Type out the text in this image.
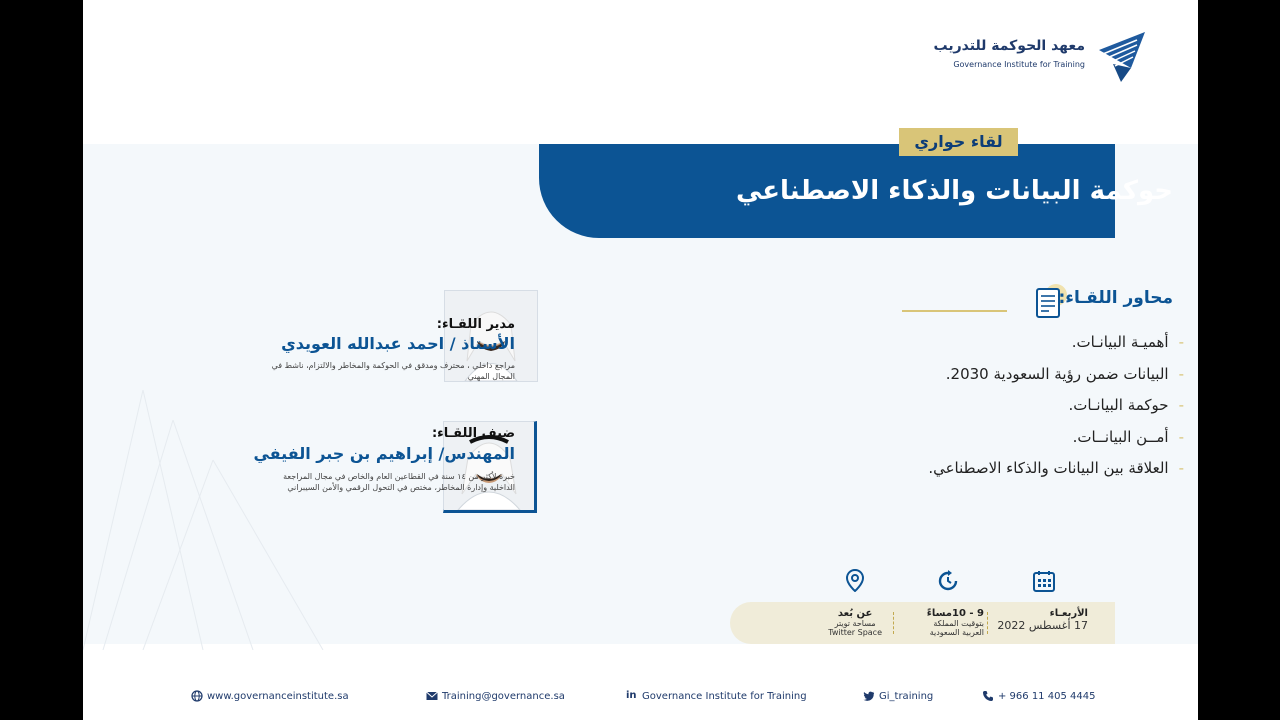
معهد الحوكمة للتدريب
Governance Institute for Training
لقاء حواري
حوكمة البيانات والذكاء الاصطناعي
محاور اللقـاء:
-أهميـة البيانـات.
-البيانات ضمن رؤية السعودية 2030.
-حوكمة البيانـات.
-أمــن البيانــات.
-العلاقة بين البيانات والذكاء الاصطناعي.
مدير اللقـاء:
الأستاذ / احمد عبدالله العويدي
مراجع داخلي ، محترف ومدقق في الحوكمة والمخاطر والالتزام، ناشط في المجال المهني
ضيف اللقـاء:
المهندس/ إبراهيم بن جبر الفيفي
خبرة لأكثر من ١٤ سنة في القطاعين العام والخاص في مجال المراجعة الداخلية وإدارة المخاطر، مختص في التحول الرقمي والأمن السيبراني
الأربعـاء
17 أغسطس 2022
9 - 10مساءً
بتوقيت المملكة
العربية السعودية
عن بُعد
مساحة تويتر
Twitter Space
www.governanceinstitute.sa	Training@governance.sa	in Governance Institute for Training	Gi_training	+ 966 11 405 4445
